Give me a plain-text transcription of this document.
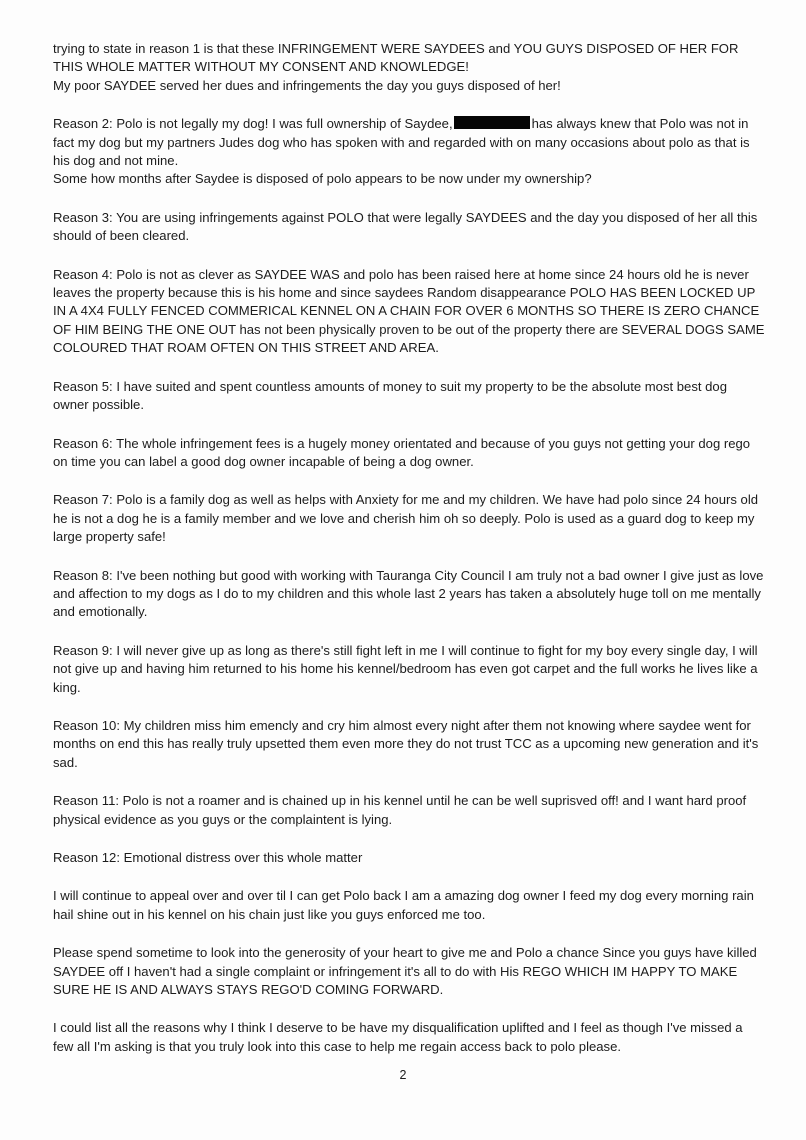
trying to state in reason 1 is that these INFRINGEMENT WERE SAYDEES and YOU GUYS DISPOSED OF HER FOR THIS WHOLE MATTER WITHOUT MY CONSENT AND KNOWLEDGE!
My poor SAYDEE served her dues and infringements the day you guys disposed of her!

Reason 2: Polo is not legally my dog! I was full ownership of Saydee,	has always knew that Polo was not in fact my dog but my partners Judes dog who has spoken with and regarded with on many occasions about polo as that is his dog and not mine.
Some how months after Saydee is disposed of polo appears to be now under my ownership?

Reason 3: You are using infringements against POLO that were legally SAYDEES and the day you disposed of her all this should of been cleared.

Reason 4: Polo is not as clever as SAYDEE WAS and polo has been raised here at home since 24 hours old he is never leaves the property because this is his home and since saydees Random disappearance POLO HAS BEEN LOCKED UP IN A 4X4 FULLY FENCED COMMERICAL KENNEL ON A CHAIN FOR OVER 6 MONTHS SO THERE IS ZERO CHANCE OF HIM BEING THE ONE OUT has not been physically proven to be out of the property there are SEVERAL DOGS SAME COLOURED THAT ROAM OFTEN ON THIS STREET AND AREA.

Reason 5: I have suited and spent countless amounts of money to suit my property to be the absolute most best dog owner possible.

Reason 6: The whole infringement fees is a hugely money orientated and because of you guys not getting your dog rego on time you can label a good dog owner incapable of being a dog owner.

Reason 7: Polo is a family dog as well as helps with Anxiety for me and my children. We have had polo since 24 hours old he is not a dog he is a family member and we love and cherish him oh so deeply. Polo is used as a guard dog to keep my large property safe!

Reason 8: I've been nothing but good with working with Tauranga City Council I am truly not a bad owner I give just as love and affection to my dogs as I do to my children and this whole last 2 years has taken a absolutely huge toll on me mentally and emotionally.

Reason 9: I will never give up as long as there's still fight left in me I will continue to fight for my boy every single day, I will not give up and having him returned to his home his kennel/bedroom has even got carpet and the full works he lives like a king.

Reason 10: My children miss him emencly and cry him almost every night after them not knowing where saydee went for months on end this has really truly upsetted them even more they do not trust TCC as a upcoming new generation and it's sad.

Reason 11: Polo is not a roamer and is chained up in his kennel until he can be well suprisved off! and I want hard proof physical evidence as you guys or the complaintent is lying.

Reason 12: Emotional distress over this whole matter

I will continue to appeal over and over til I can get Polo back I am a amazing dog owner I feed my dog every morning rain hail shine out in his kennel on his chain just like you guys enforced me too.

Please spend sometime to look into the generosity of your heart to give me and Polo a chance Since you guys have killed SAYDEE off I haven't had a single complaint or infringement it's all to do with His REGO WHICH IM HAPPY TO MAKE SURE HE IS AND ALWAYS STAYS REGO'D COMING FORWARD.

I could list all the reasons why I think I deserve to be have my disqualification uplifted and I feel as though I've missed a few all I'm asking is that you truly look into this case to help me regain access back to polo please.

2
